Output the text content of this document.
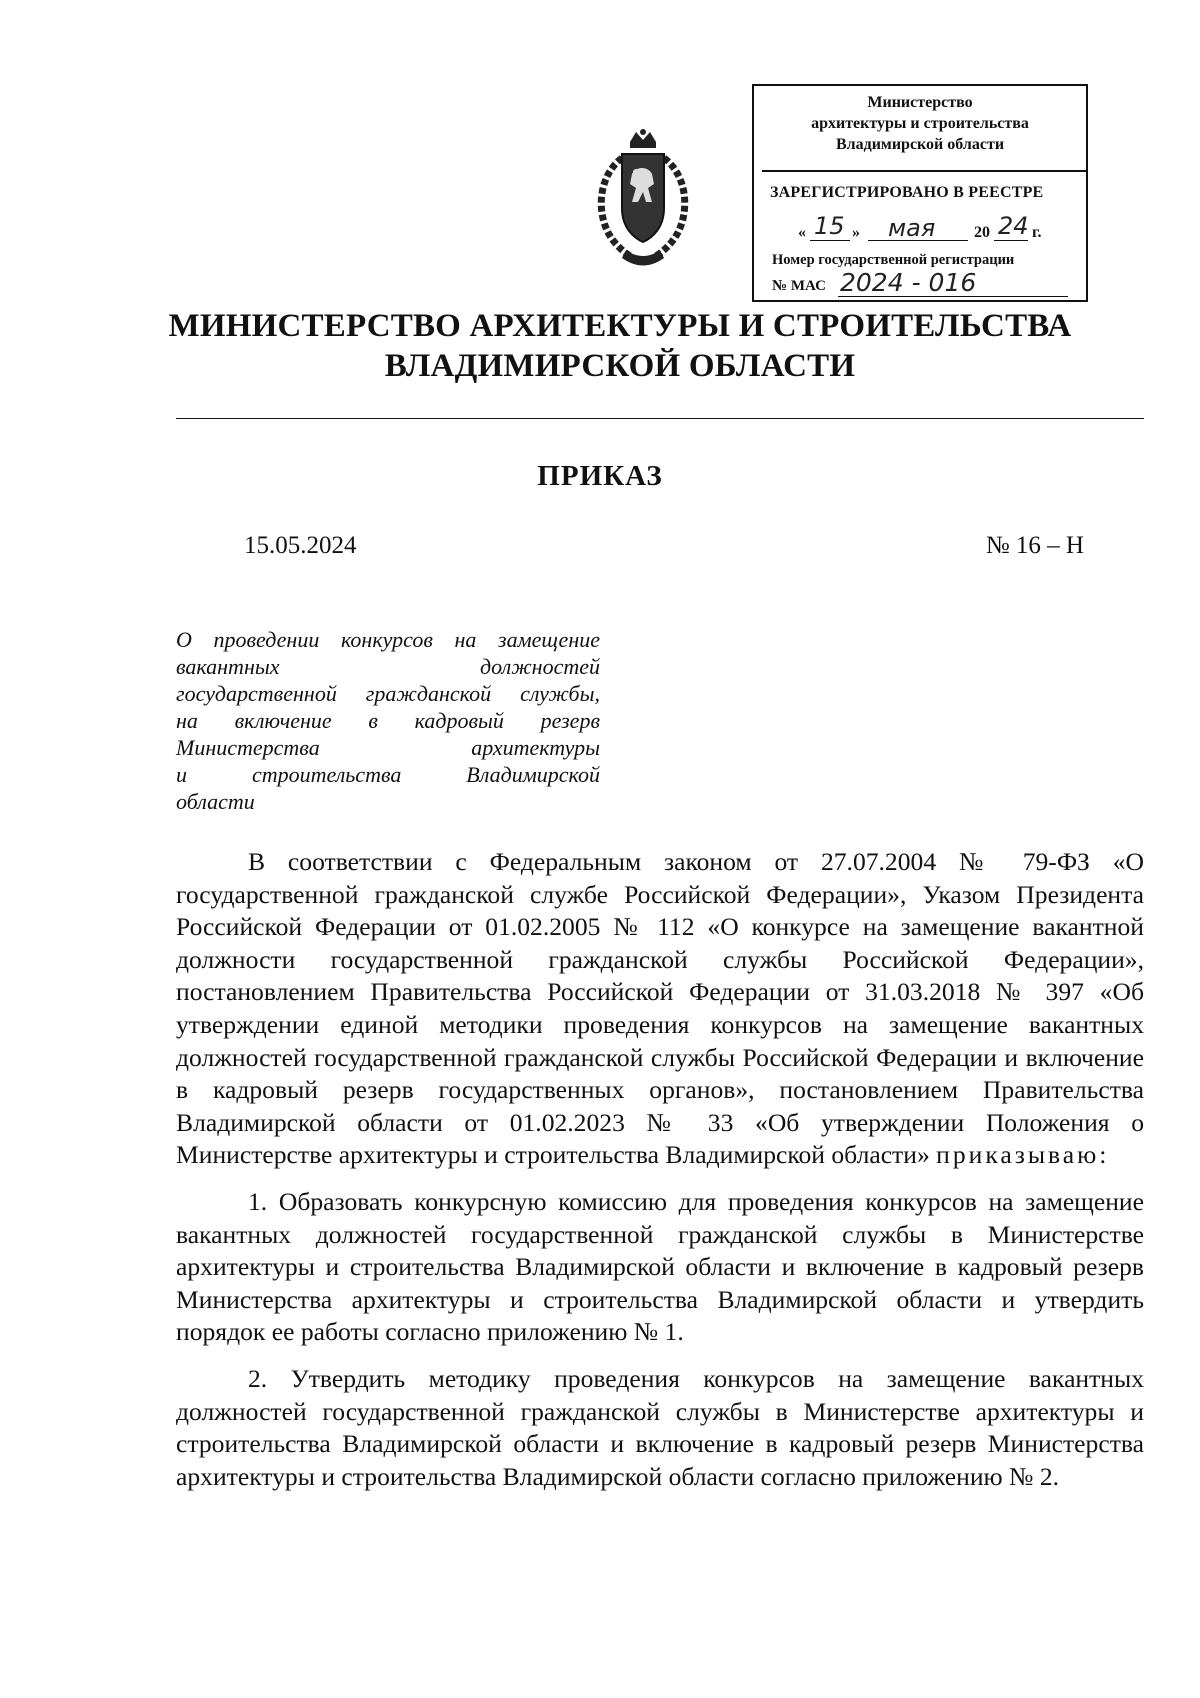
Министерство
архитектуры и строительства
Владимирской области
ЗАРЕГИСТРИРОВАНО В РЕЕСТРЕ
« 15 » мая 20 24 г.
Номер государственной регистрации
№ МАС 2024 - 016
МИНИСТЕРСТВО АРХИТЕКТУРЫ И СТРОИТЕЛЬСТВА
ВЛАДИМИРСКОЙ ОБЛАСТИ
ПРИКАЗ
15.05.2024	№ 16 – Н
О проведении конкурсов на замещение
вакантных должностей
государственной гражданской службы,
на включение в кадровый резерв
Министерства архитектуры
и строительства Владимирской
области

В соответствии с Федеральным законом от 27.07.2004 № 79-ФЗ «О государственной гражданской службе Российской Федерации», Указом Президента Российской Федерации от 01.02.2005 № 112 «О конкурсе на замещение вакантной должности государственной гражданской службы Российской Федерации», постановлением Правительства Российской Федерации от 31.03.2018 № 397 «Об утверждении единой методики проведения конкурсов на замещение вакантных должностей государственной гражданской службы Российской Федерации и включение в кадровый резерв государственных органов», постановлением Правительства Владимирской области от 01.02.2023 № 33 «Об утверждении Положения о Министерстве архитектуры и строительства Владимирской области» приказываю:

1. Образовать конкурсную комиссию для проведения конкурсов на замещение вакантных должностей государственной гражданской службы в Министерстве архитектуры и строительства Владимирской области и включение в кадровый резерв Министерства архитектуры и строительства Владимирской области и утвердить порядок ее работы согласно приложению № 1.

2. Утвердить методику проведения конкурсов на замещение вакантных должностей государственной гражданской службы в Министерстве архитектуры и строительства Владимирской области и включение в кадровый резерв Министерства архитектуры и строительства Владимирской области согласно приложению № 2.
